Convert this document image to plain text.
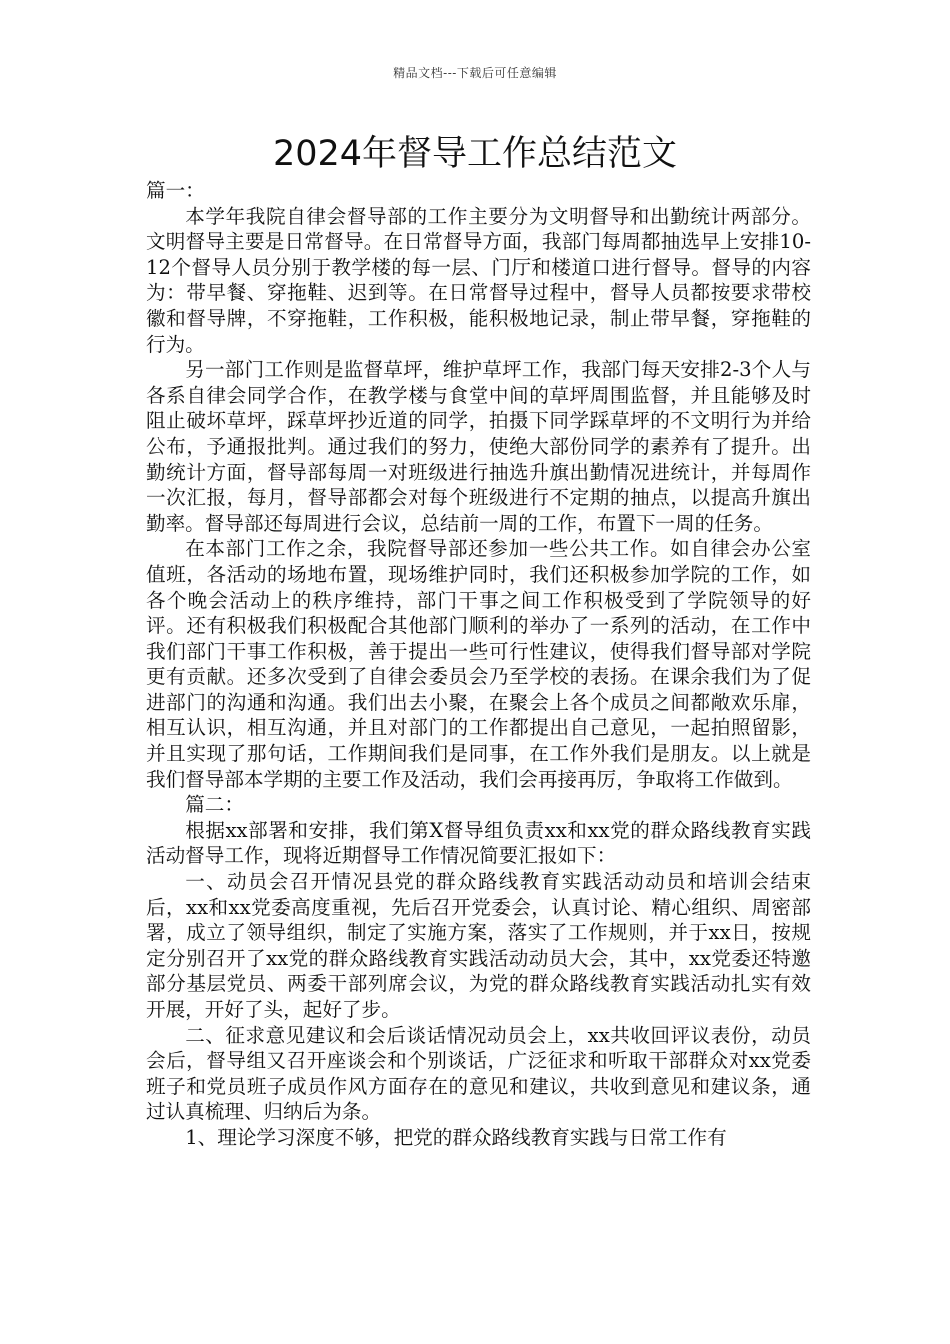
精品文档---下载后可任意编辑
2024年督导工作总结范文

篇一：

本学年我院自律会督导部的工作主要分为文明督导和出勤统计两部分。文明督导主要是日常督导。在日常督导方面，我部门每周都抽选早上安排10-12个督导人员分别于教学楼的每一层、门厅和楼道口进行督导。督导的内容为：带早餐、穿拖鞋、迟到等。在日常督导过程中，督导人员都按要求带校徽和督导牌，不穿拖鞋，工作积极，能积极地记录，制止带早餐，穿拖鞋的行为。

另一部门工作则是监督草坪，维护草坪工作，我部门每天安排2-3个人与各系自律会同学合作，在教学楼与食堂中间的草坪周围监督，并且能够及时阻止破坏草坪，踩草坪抄近道的同学，拍摄下同学踩草坪的不文明行为并给公布，予通报批判。通过我们的努力，使绝大部份同学的素养有了提升。出勤统计方面，督导部每周一对班级进行抽选升旗出勤情况进统计，并每周作一次汇报，每月，督导部都会对每个班级进行不定期的抽点，以提高升旗出勤率。督导部还每周进行会议，总结前一周的工作，布置下一周的任务。

在本部门工作之余，我院督导部还参加一些公共工作。如自律会办公室值班，各活动的场地布置，现场维护同时，我们还积极参加学院的工作，如各个晚会活动上的秩序维持，部门干事之间工作积极受到了学院领导的好评。还有积极我们积极配合其他部门顺利的举办了一系列的活动，在工作中我们部门干事工作积极，善于提出一些可行性建议，使得我们督导部对学院更有贡献。还多次受到了自律会委员会乃至学校的表扬。在课余我们为了促进部门的沟通和沟通。我们出去小聚，在聚会上各个成员之间都敞欢乐扉，相互认识，相互沟通，并且对部门的工作都提出自己意见，一起拍照留影，并且实现了那句话，工作期间我们是同事，在工作外我们是朋友。以上就是我们督导部本学期的主要工作及活动，我们会再接再厉，争取将工作做到。

篇二：

根据xx部署和安排，我们第X督导组负责xx和xx党的群众路线教育实践活动督导工作，现将近期督导工作情况简要汇报如下：

一、动员会召开情况县党的群众路线教育实践活动动员和培训会结束后，xx和xx党委高度重视，先后召开党委会，认真讨论、精心组织、周密部署，成立了领导组织，制定了实施方案，落实了工作规则，并于xx日，按规定分别召开了xx党的群众路线教育实践活动动员大会，其中，xx党委还特邀部分基层党员、两委干部列席会议，为党的群众路线教育实践活动扎实有效开展，开好了头，起好了步。

二、征求意见建议和会后谈话情况动员会上，xx共收回评议表份，动员会后，督导组又召开座谈会和个别谈话，广泛征求和听取干部群众对xx党委班子和党员班子成员作风方面存在的意见和建议，共收到意见和建议条，通过认真梳理、归纳后为条。

1、理论学习深度不够，把党的群众路线教育实践与日常工作有
